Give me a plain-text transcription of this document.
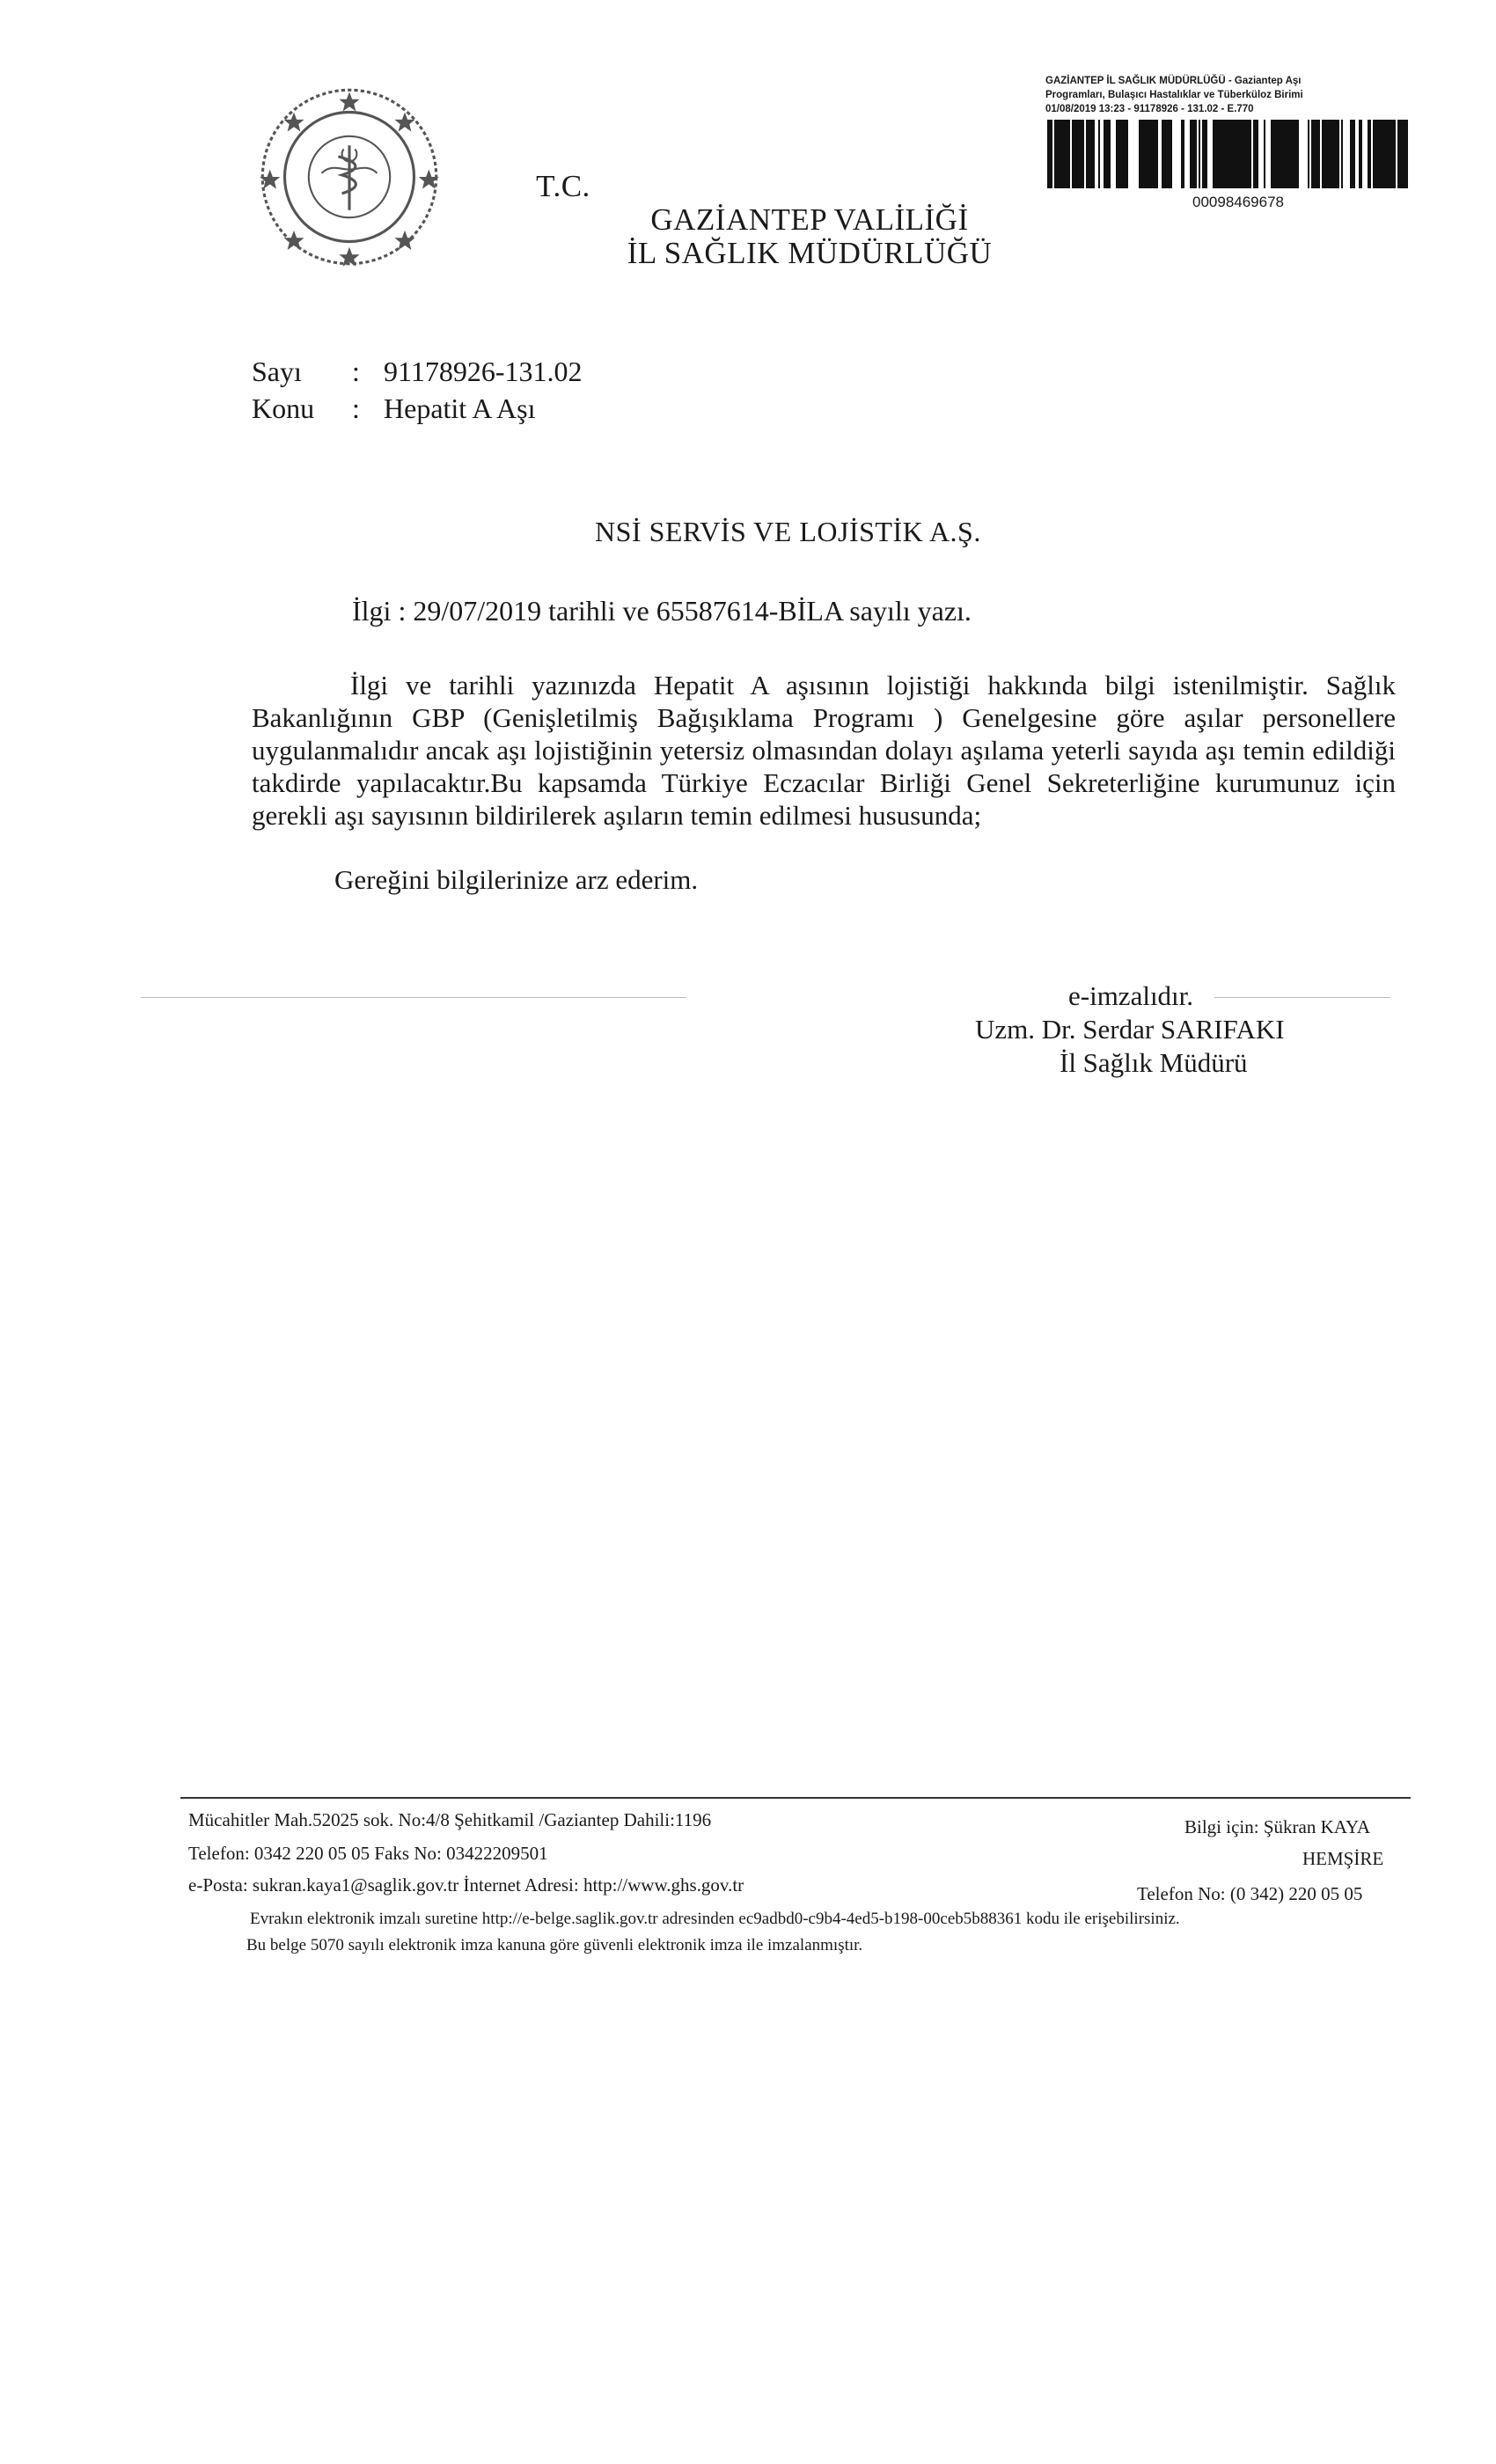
T.C.
GAZİANTEP VALİLİĞİ
İL SAĞLIK MÜDÜRLÜĞÜ
GAZİANTEP İL SAĞLIK MÜDÜRLÜĞÜ - Gaziantep Aşı
Programları, Bulaşıcı Hastalıklar ve Tüberküloz Birimi
01/08/2019 13:23 - 91178926 - 131.02 - E.770
00098469678
Sayı : 91178926-131.02
Konu : Hepatit A Aşı
NSİ SERVİS VE LOJİSTİK A.Ş.
İlgi : 29/07/2019 tarihli ve 65587614-BİLA sayılı yazı.

İlgi ve tarihli yazınızda Hepatit A aşısının lojistiği hakkında bilgi istenilmiştir. Sağlık Bakanlığının GBP (Genişletilmiş Bağışıklama Programı ) Genelgesine göre aşılar personellere uygulanmalıdır ancak aşı lojistiğinin yetersiz olmasından dolayı aşılama yeterli sayıda aşı temin edildiği takdirde yapılacaktır.Bu kapsamda Türkiye Eczacılar Birliği Genel Sekreterliğine kurumunuz için gerekli aşı sayısının bildirilerek aşıların temin edilmesi hususunda;

Gereğini bilgilerinize arz ederim.
e-imzalıdır.
Uzm. Dr. Serdar SARIFAKI
İl Sağlık Müdürü
Mücahitler Mah.52025 sok. No:4/8 Şehitkamil /Gaziantep Dahili:1196	Bilgi için: Şükran KAYA
Telefon: 0342 220 05 05 Faks No: 03422209501	HEMŞİRE
e-Posta: sukran.kaya1@saglik.gov.tr İnternet Adresi: http://www.ghs.gov.tr	Telefon No: (0 342) 220 05 05
Evrakın elektronik imzalı suretine http://e-belge.saglik.gov.tr adresinden ec9adbd0-c9b4-4ed5-b198-00ceb5b88361 kodu ile erişebilirsiniz.
Bu belge 5070 sayılı elektronik imza kanuna göre güvenli elektronik imza ile imzalanmıştır.
